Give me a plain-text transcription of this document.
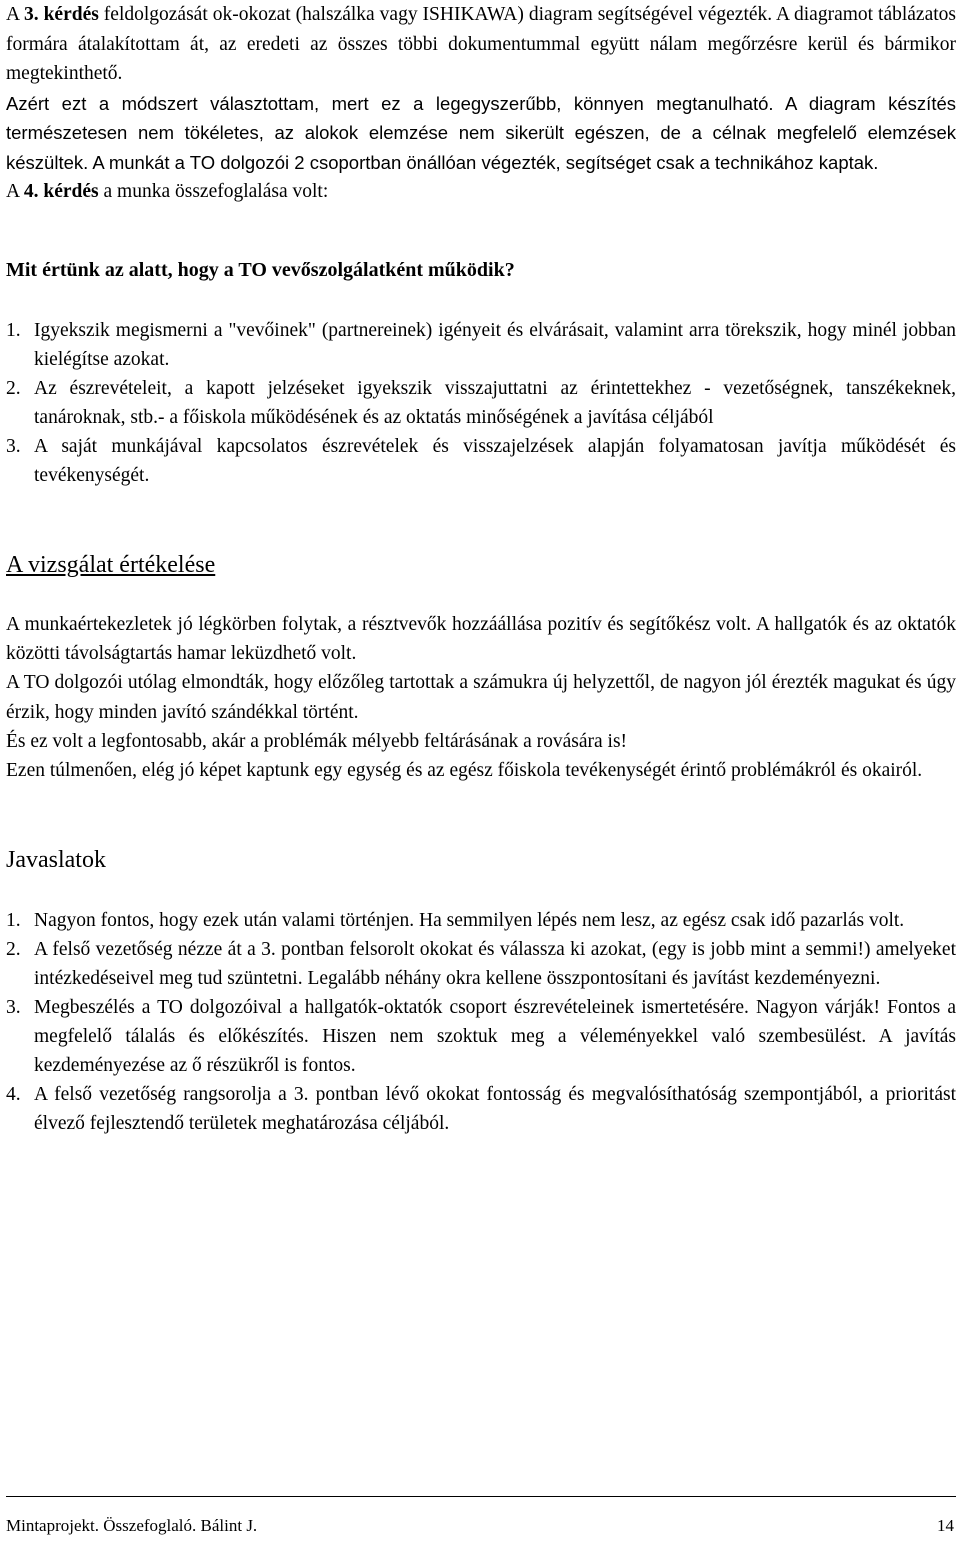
A 3. kérdés feldolgozását ok-okozat (halszálka vagy ISHIKAWA) diagram segítségével végezték. A diagramot táblázatos formára átalakítottam át, az eredeti az összes többi dokumentummal együtt nálam megőrzésre kerül és bármikor megtekinthető.

Azért ezt a módszert választottam, mert ez a legegyszerűbb, könnyen megtanulható. A diagram készítés természetesen nem tökéletes, az alokok elemzése nem sikerült egészen, de a célnak megfelelő elemzések készültek. A munkát a TO dolgozói 2 csoportban önállóan végezték, segítséget csak a technikához kaptak.

A 4. kérdés a munka összefoglalása volt:

Mit értünk az alatt, hogy a TO vevőszolgálatként működik?
1. Igyekszik megismerni a "vevőinek" (partnereinek) igényeit és elvárásait, valamint arra törekszik, hogy minél jobban kielégítse azokat.
2. Az észrevételeit, a kapott jelzéseket igyekszik visszajuttatni az érintettekhez - vezetőségnek, tanszékeknek, tanároknak, stb.- a főiskola működésének és az oktatás minőségének a javítása céljából
3. A saját munkájával kapcsolatos észrevételek és visszajelzések alapján folyamatosan javítja működését és tevékenységét.
A vizsgálat értékelése

A munkaértekezletek jó légkörben folytak, a résztvevők hozzáállása pozitív és segítőkész volt. A hallgatók és az oktatók közötti távolságtartás hamar leküzdhető volt.

A TO dolgozói utólag elmondták, hogy előzőleg tartottak a számukra új helyzettől, de nagyon jól érezték magukat és úgy érzik, hogy minden javító szándékkal történt.

És ez volt a legfontosabb, akár a problémák mélyebb feltárásának a rovására is!

Ezen túlmenően, elég jó képet kaptunk egy egység és az egész főiskola tevékenységét érintő problémákról és okairól.

Javaslatok
1. Nagyon fontos, hogy ezek után valami történjen. Ha semmilyen lépés nem lesz, az egész csak idő pazarlás volt.
2. A felső vezetőség nézze át a 3. pontban felsorolt okokat és válassza ki azokat, (egy is jobb mint a semmi!) amelyeket intézkedéseivel meg tud szüntetni. Legalább néhány okra kellene összpontosítani és javítást kezdeményezni.
3. Megbeszélés a TO dolgozóival a hallgatók-oktatók csoport észrevételeinek ismertetésére. Nagyon várják! Fontos a megfelelő tálalás és előkészítés. Hiszen nem szoktuk meg a véleményekkel való szembesülést. A javítás kezdeményezése az ő részükről is fontos.
4. A felső vezetőség rangsorolja a 3. pontban lévő okokat fontosság és megvalósíthatóság szempontjából, a prioritást élvező fejlesztendő területek meghatározása céljából.
Mintaprojekt. Összefoglaló. Bálint J.	14
